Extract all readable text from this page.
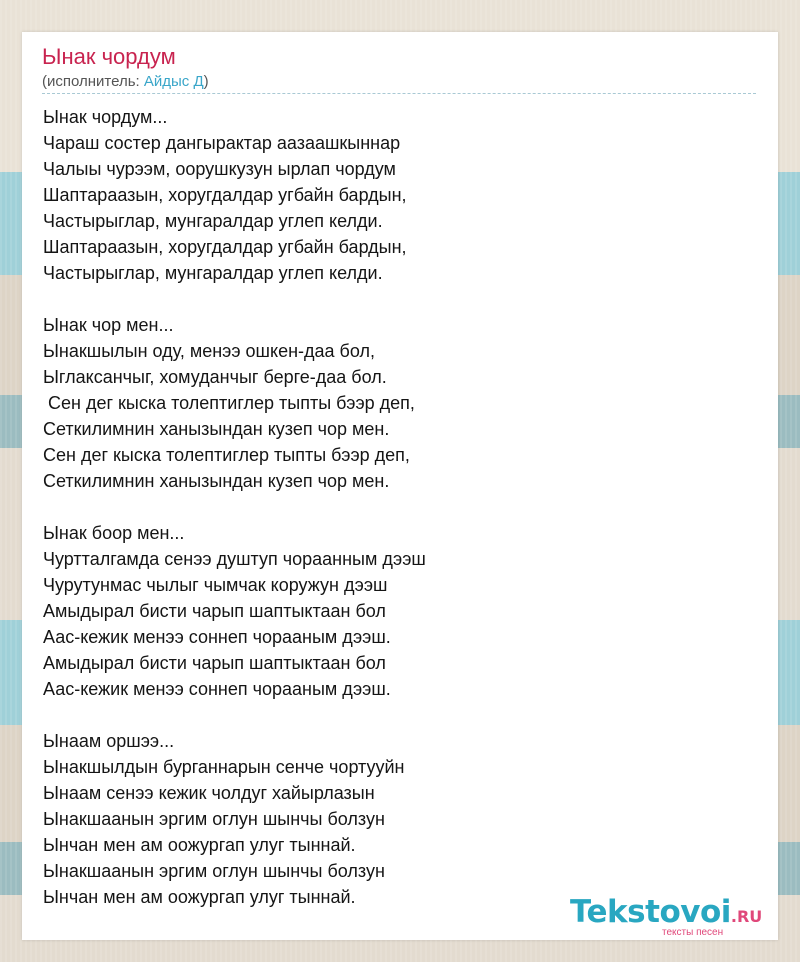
Ынак чордум
(исполнитель: Айдыс Д)
Ынак чордум...
Чараш состер дангырактар аазаашкыннар
Чалыы чурээм, оорушкузун ырлап чордум
Шаптараазын, хоругдалдар угбайн бардын,
Частырыглар, мунгаралдар углеп келди.
Шаптараазын, хоругдалдар угбайн бардын,
Частырыглар, мунгаралдар углеп келди.
Ынак чор мен...
Ынакшылын оду, менээ ошкен-даа бол,
Ыглаксанчыг, хомуданчыг берге-даа бол.
Сен дег кыска толептиглер тыпты бээр деп,
Сеткилимнин ханызындан кузеп чор мен.
Сен дег кыска толептиглер тыпты бээр деп,
Сеткилимнин ханызындан кузеп чор мен.
Ынак боор мен...
Чуртталгамда сенээ душтуп чораанным дээш
Чурутунмас чылыг чымчак коружун дээш
Амыдырал бисти чарып шаптыктаан бол
Аас-кежик менээ соннеп чорааным дээш.
Амыдырал бисти чарып шаптыктаан бол
Аас-кежик менээ соннеп чорааным дээш.
Ынаам оршээ...
Ынакшылдын бурганнарын сенче чортууйн
Ынаам сенээ кежик чолдуг хайырлазын
Ынакшаанын эргим оглун шынчы болзун
Ынчан мен ам оожургап улуг тыннай.
Ынакшаанын эргим оглун шынчы болзун
Ынчан мен ам оожургап улуг тыннай.	Tekstovoi.RU
тексты песен
